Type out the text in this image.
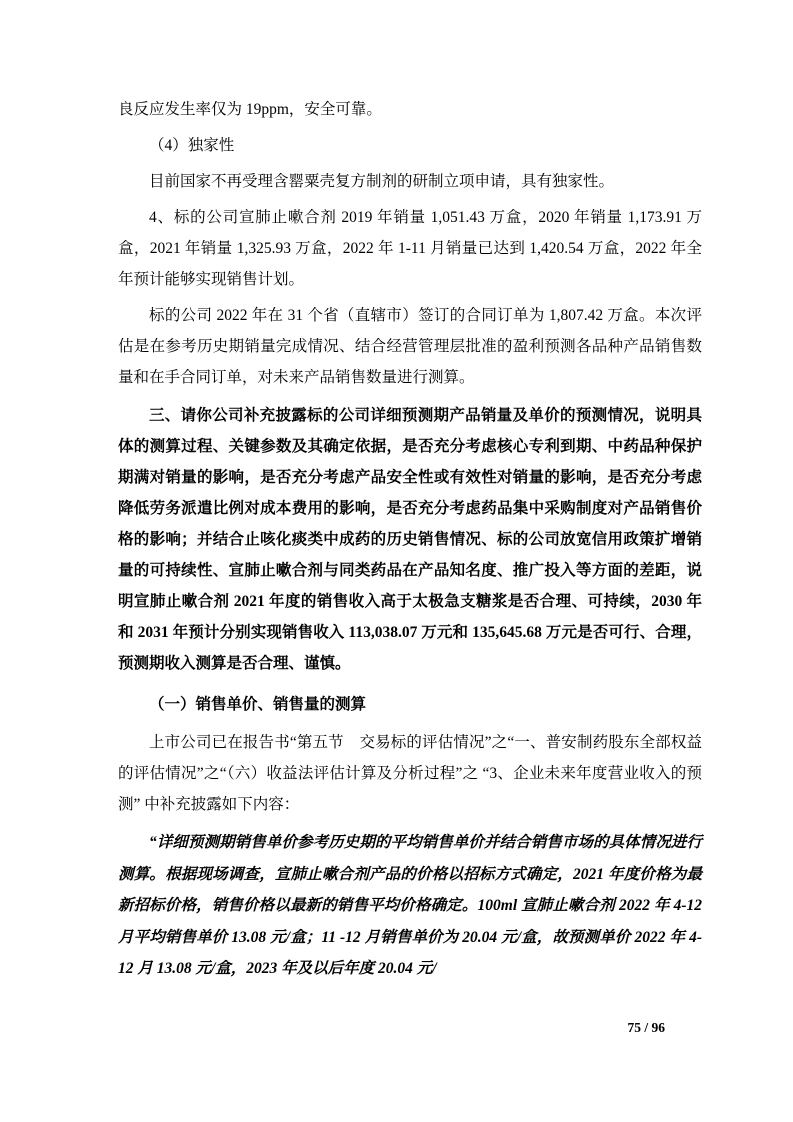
良反应发生率仅为 19ppm，安全可靠。

（4）独家性

目前国家不再受理含罂粟壳复方制剂的研制立项申请，具有独家性。

4、标的公司宣肺止嗽合剂 2019 年销量 1,051.43 万盒，2020 年销量 1,173.91 万盒，2021 年销量 1,325.93 万盒，2022 年 1-11 月销量已达到 1,420.54 万盒，2022 年全年预计能够实现销售计划。

标的公司 2022 年在 31 个省（直辖市）签订的合同订单为 1,807.42 万盒。本次评估是在参考历史期销量完成情况、结合经营管理层批准的盈利预测各品种产品销售数量和在手合同订单，对未来产品销售数量进行测算。

三、请你公司补充披露标的公司详细预测期产品销量及单价的预测情况，说明具体的测算过程、关键参数及其确定依据，是否充分考虑核心专利到期、中药品种保护期满对销量的影响，是否充分考虑产品安全性或有效性对销量的影响，是否充分考虑降低劳务派遣比例对成本费用的影响，是否充分考虑药品集中采购制度对产品销售价格的影响；并结合止咳化痰类中成药的历史销售情况、标的公司放宽信用政策扩增销量的可持续性、宣肺止嗽合剂与同类药品在产品知名度、推广投入等方面的差距，说明宣肺止嗽合剂 2021 年度的销售收入高于太极急支糖浆是否合理、可持续，2030 年和 2031 年预计分别实现销售收入 113,038.07 万元和 135,645.68 万元是否可行、合理，预测期收入测算是否合理、谨慎。

（一）销售单价、销售量的测算

上市公司已在报告书“第五节　交易标的评估情况”之“一、普安制药股东全部权益的评估情况”之“（六）收益法评估计算及分析过程”之 “3、企业未来年度营业收入的预测” 中补充披露如下内容：

“详细预测期销售单价参考历史期的平均销售单价并结合销售市场的具体情况进行测算。根据现场调查，宣肺止嗽合剂产品的价格以招标方式确定，2021 年度价格为最新招标价格，销售价格以最新的销售平均价格确定。100ml 宣肺止嗽合剂 2022 年 4-12 月平均销售单价 13.08 元/盒；11 -12 月销售单价为 20.04 元/盒，故预测单价 2022 年 4-12 月 13.08 元/盒，2023 年及以后年度 20.04 元/

75 / 96
